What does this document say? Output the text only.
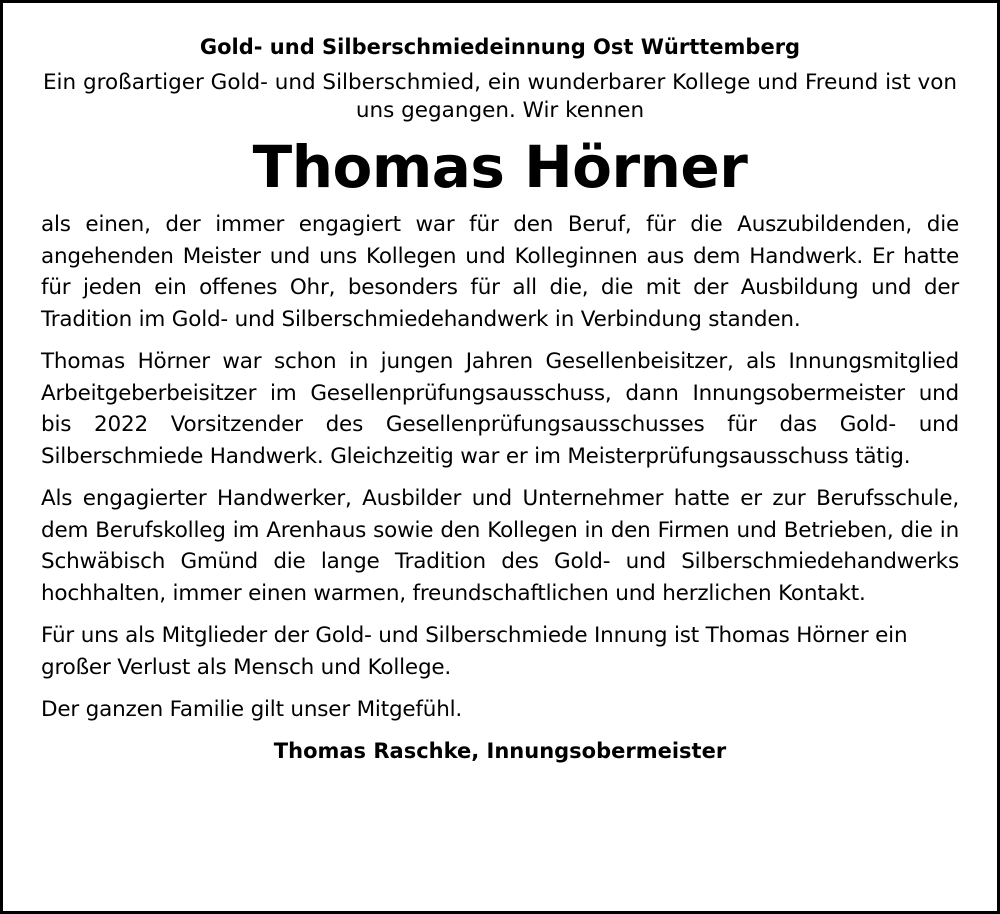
Gold- und Silberschmiedeinnung Ost Württemberg

Ein großartiger Gold- und Silberschmied, ein wunderbarer Kollege und Freund ist von uns gegangen. Wir kennen

Thomas Hörner

als einen, der immer engagiert war für den Beruf, für die Auszubildenden, die angehenden Meister und uns Kollegen und Kolleginnen aus dem Handwerk. Er hatte für jeden ein offenes Ohr, besonders für all die, die mit der Ausbildung und der Tradition im Gold- und Silberschmiedehandwerk in Verbindung standen.

Thomas Hörner war schon in jungen Jahren Gesellenbeisitzer, als Innungsmitglied Arbeitgeberbeisitzer im Gesellenprüfungsausschuss, dann Innungsobermeister und bis 2022 Vorsitzender des Gesellenprüfungsausschusses für das Gold- und Silberschmiede Handwerk. Gleichzeitig war er im Meisterprüfungsausschuss tätig.

Als engagierter Handwerker, Ausbilder und Unternehmer hatte er zur Berufsschule, dem Berufskolleg im Arenhaus sowie den Kollegen in den Firmen und Betrieben, die in Schwäbisch Gmünd die lange Tradition des Gold- und Silberschmiedehandwerks hochhalten, immer einen warmen, freundschaftlichen und herzlichen Kontakt.

Für uns als Mitglieder der Gold- und Silberschmiede Innung ist Thomas Hörner ein großer Verlust als Mensch und Kollege.

Der ganzen Familie gilt unser Mitgefühl.

Thomas Raschke, Innungsobermeister
